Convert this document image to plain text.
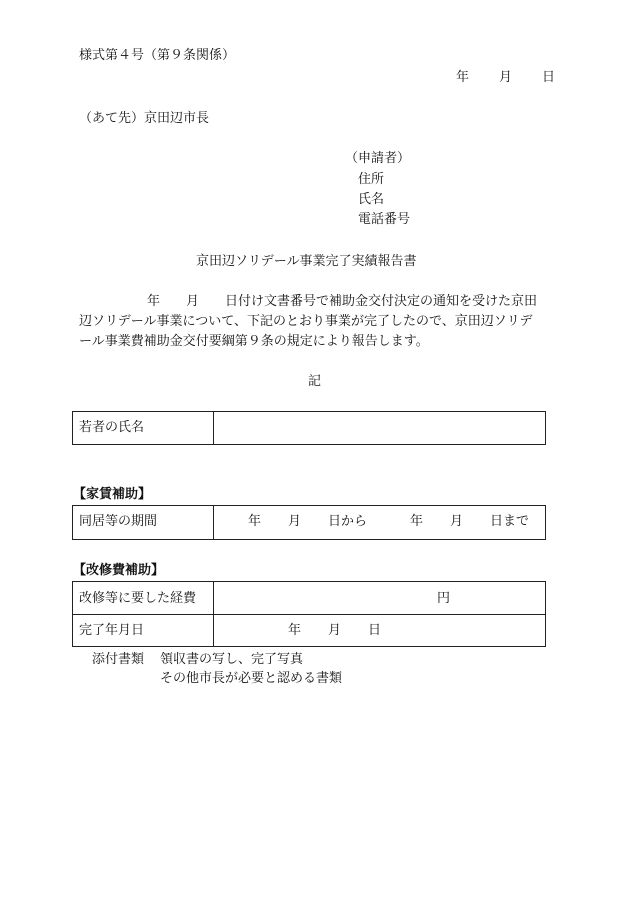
様式第４号（第９条関係）
年 月 日
（あて先）京田辺市長
（申請者）
住所
氏名
電話番号
京田辺ソリデール事業完了実績報告書
年 月 日付け文書番号で補助金交付決定の通知を受けた京田
辺ソリデール事業について、下記のとおり事業が完了したので、京田辺ソリデ
ール事業費補助金交付要綱第９条の規定により報告します。
記
若者の氏名
【家賃補助】
同居等の期間	年 月 日から	年 月 日まで
【改修費補助】
改修等に要した経費	円
完了年月日	年 月 日
添付書類 領収書の写し、完了写真
その他市長が必要と認める書類
